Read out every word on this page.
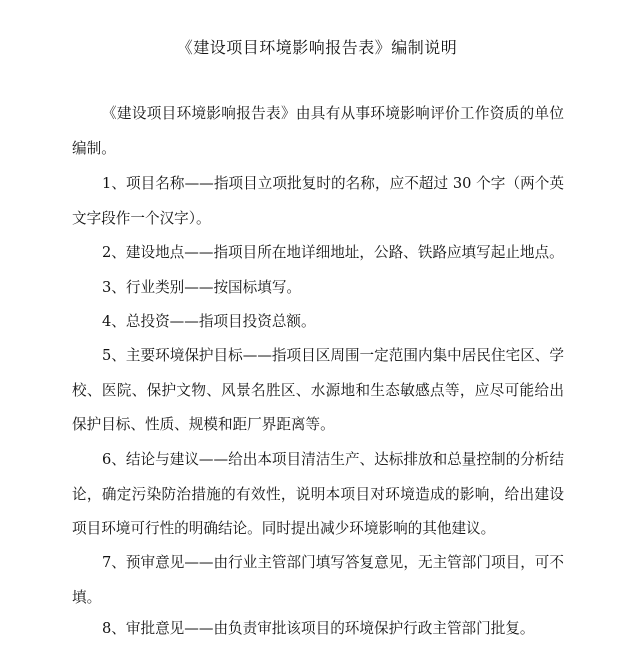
《建设项目环境影响报告表》编制说明

《建设项目环境影响报告表》由具有从事环境影响评价工作资质的单位编制。

1、项目名称——指项目立项批复时的名称，应不超过 30 个字（两个英文字段作一个汉字）。

2、建设地点——指项目所在地详细地址，公路、铁路应填写起止地点。

3、行业类别——按国标填写。

4、总投资——指项目投资总额。

5、主要环境保护目标——指项目区周围一定范围内集中居民住宅区、学校、医院、保护文物、风景名胜区、水源地和生态敏感点等，应尽可能给出保护目标、性质、规模和距厂界距离等。

6、结论与建议——给出本项目清洁生产、达标排放和总量控制的分析结论，确定污染防治措施的有效性，说明本项目对环境造成的影响，给出建设项目环境可行性的明确结论。同时提出减少环境影响的其他建议。

7、预审意见——由行业主管部门填写答复意见，无主管部门项目，可不填。

8、审批意见——由负责审批该项目的环境保护行政主管部门批复。
